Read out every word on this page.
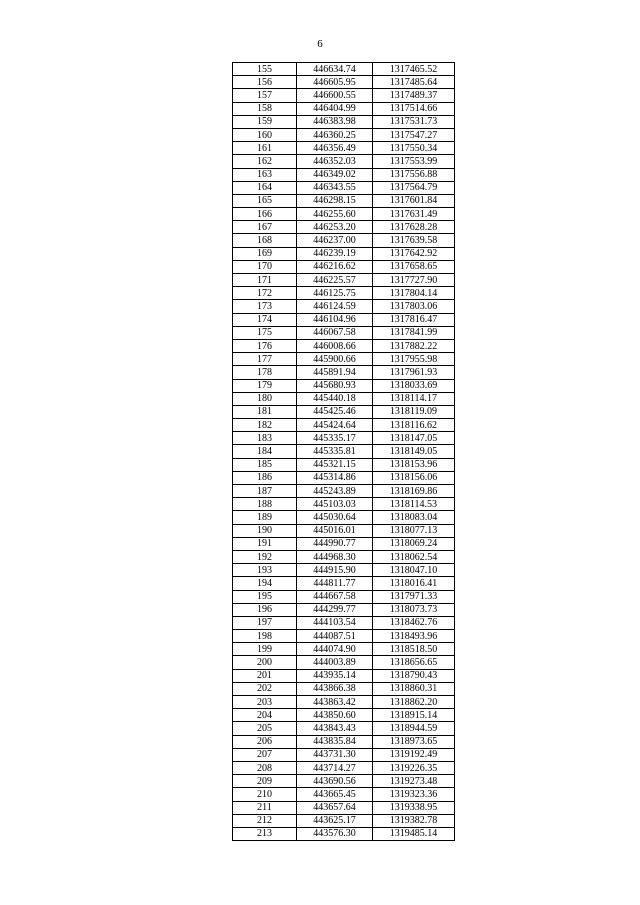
6
155	446634.74	1317465.52
156	446605.95	1317485.64
157	446600.55	1317489.37
158	446404.99	1317514.66
159	446383.98	1317531.73
160	446360.25	1317547.27
161	446356.49	1317550.34
162	446352.03	1317553.99
163	446349.02	1317556.88
164	446343.55	1317564.79
165	446298.15	1317601.84
166	446255.60	1317631.49
167	446253.20	1317628.28
168	446237.00	1317639.58
169	446239.19	1317642.92
170	446216.62	1317658.65
171	446225.57	1317727.90
172	446125.75	1317804.14
173	446124.59	1317803.06
174	446104.96	1317816.47
175	446067.58	1317841.99
176	446008.66	1317882.22
177	445900.66	1317955.98
178	445891.94	1317961.93
179	445680.93	1318033.69
180	445440.18	1318114.17
181	445425.46	1318119.09
182	445424.64	1318116.62
183	445335.17	1318147.05
184	445335.81	1318149.05
185	445321.15	1318153.96
186	445314.86	1318156.06
187	445243.89	1318169.86
188	445103.03	1318114.53
189	445030.64	1318083.04
190	445016.01	1318077.13
191	444990.77	1318069.24
192	444968.30	1318062.54
193	444915.90	1318047.10
194	444811.77	1318016.41
195	444667.58	1317971.33
196	444299.77	1318073.73
197	444103.54	1318462.76
198	444087.51	1318493.96
199	444074.90	1318518.50
200	444003.89	1318656.65
201	443935.14	1318790.43
202	443866.38	1318860.31
203	443863.42	1318862.20
204	443850.60	1318915.14
205	443843.43	1318944.59
206	443835.84	1318973.65
207	443731.30	1319192.49
208	443714.27	1319226.35
209	443690.56	1319273.48
210	443665.45	1319323.36
211	443657.64	1319338.95
212	443625.17	1319382.78
213	443576.30	1319485.14
